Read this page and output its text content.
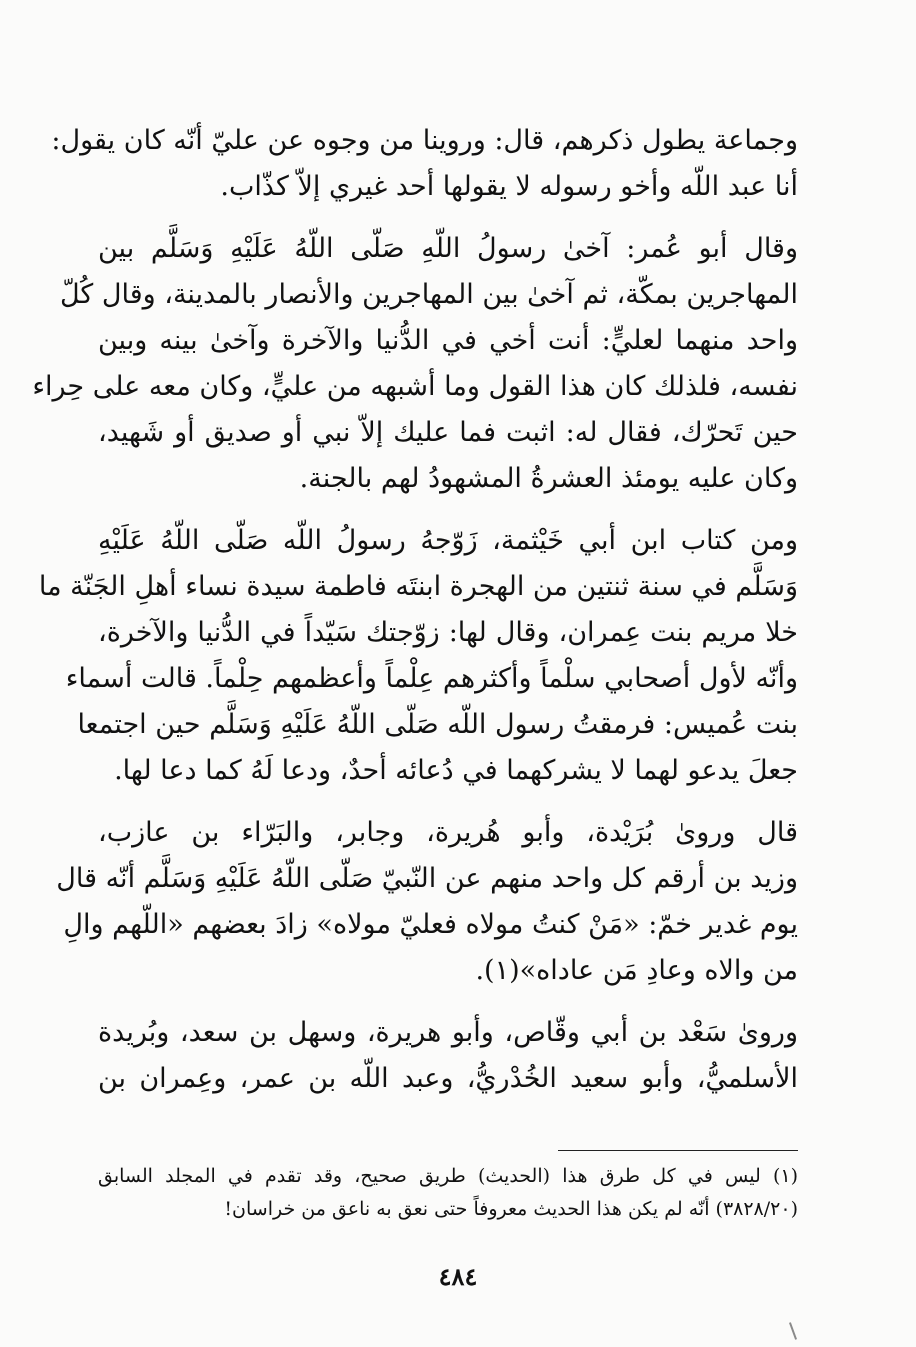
وجماعة يطول ذكرهم، قال: وروينا من وجوه عن عليّ أنّه كان يقول:
أنا عبد اللّه وأخو رسوله لا يقولها أحد غيري إلاّ كذّاب.
وقال أبو عُمر: آخىٰ رسولُ اللّهِ صَلّى اللّهُ عَلَيْهِ وَسَلَّم بين
المهاجرين بمكّة، ثم آخىٰ بين المهاجرين والأنصار بالمدينة، وقال كُلّ
واحد منهما لعليٍّ: أنت أخي في الدُّنيا والآخرة وآخىٰ بينه وبين
نفسه، فلذلك كان هذا القول وما أشبهه من عليٍّ، وكان معه على حِراء
حين تَحرّك، فقال له: اثبت فما عليك إلاّ نبي أو صديق أو شَهيد،
وكان عليه يومئذ العشرةُ المشهودُ لهم بالجنة.
ومن كتاب ابن أبي خَيْثمة، زَوّجهُ رسولُ اللّه صَلّى اللّهُ عَلَيْهِ
وَسَلَّم في سنة ثنتين من الهجرة ابنتَه فاطمة سيدة نساء أهلِ الجَنّة ما
خلا مريم بنت عِمران، وقال لها: زوّجتك سَيّداً في الدُّنيا والآخرة،
وأنّه لأول أصحابي سلْماً وأكثرهم عِلْماً وأعظمهم حِلْماً. قالت أسماء
بنت عُميس: فرمقتُ رسول اللّه صَلّى اللّهُ عَلَيْهِ وَسَلَّم حين اجتمعا
جعلَ يدعو لهما لا يشركهما في دُعائه أحدٌ، ودعا لَهُ كما دعا لها.
قال وروىٰ بُرَيْدة، وأبو هُريرة، وجابر، والبَرّاء بن عازب،
وزيد بن أرقم كل واحد منهم عن النّبيّ صَلّى اللّهُ عَلَيْهِ وَسَلَّم أنّه قال
يوم غدير خمّ: «مَنْ كنتُ مولاه فعليّ مولاه» زادَ بعضهم «اللّهم والِ
من والاه وعادِ مَن عاداه»(١).
وروىٰ سَعْد بن أبي وقّاص، وأبو هريرة، وسهل بن سعد، وبُريدة
الأسلميُّ، وأبو سعيد الخُدْريُّ، وعبد اللّه بن عمر، وعِمران بن
(١) ليس في كل طرق هذا (الحديث) طريق صحيح، وقد تقدم في المجلد السابق
(٣٨٢٨/٢٠) أنّه لم يكن هذا الحديث معروفاً حتى نعق به ناعق من خراسان!
٤٨٤
